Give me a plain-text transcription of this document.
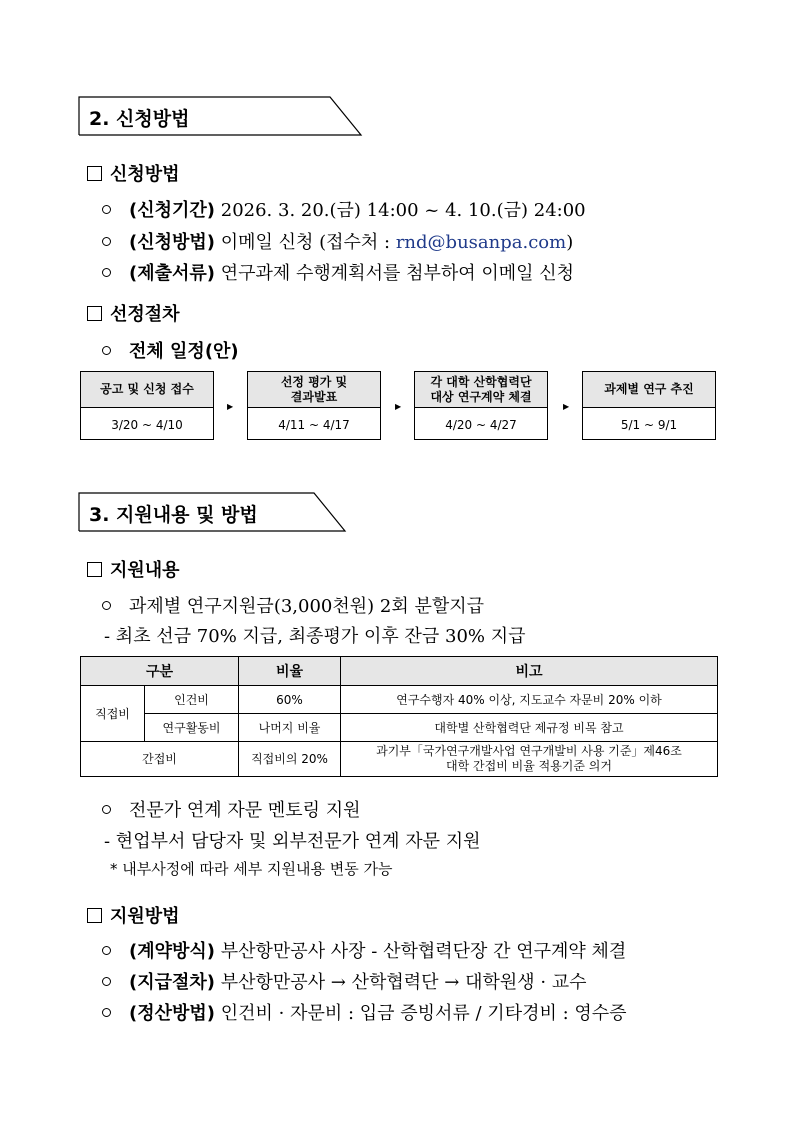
2. 신청방법
신청방법
(신청기간) 2026. 3. 20.(금) 14:00 ~ 4. 10.(금) 24:00
(신청방법) 이메일 신청 (접수처 : rnd@busanpa.com)
(제출서류) 연구과제 수행계획서를 첨부하여 이메일 신청
선정절차
전체 일정(안)
공고 및 신청 접수
3/20 ~ 4/10
▶
선정 평가 및
결과발표
4/11 ~ 4/17
▶
각 대학 산학협력단
대상 연구계약 체결
4/20 ~ 4/27
▶
과제별 연구 추진
5/1 ~ 9/1
3. 지원내용 및 방법
지원내용
과제별 연구지원금(3,000천원) 2회 분할지급
- 최초 선금 70% 지급, 최종평가 이후 잔금 30% 지급
구분		비율	비고
직접비	인건비	60%	연구수행자 40% 이상, 지도교수 자문비 20% 이하
	연구활동비	나머지 비율	대학별 산학협력단 제규정 비목 참고
간접비		직접비의 20%	과기부「국가연구개발사업 연구개발비 사용 기준」제46조
대학 간접비 비율 적용기준 의거
전문가 연계 자문 멘토링 지원
- 현업부서 담당자 및 외부전문가 연계 자문 지원
* 내부사정에 따라 세부 지원내용 변동 가능
지원방법
(계약방식) 부산항만공사 사장 - 산학협력단장 간 연구계약 체결
(지급절차) 부산항만공사 → 산학협력단 → 대학원생 · 교수
(정산방법) 인건비 · 자문비 : 입금 증빙서류 / 기타경비 : 영수증
